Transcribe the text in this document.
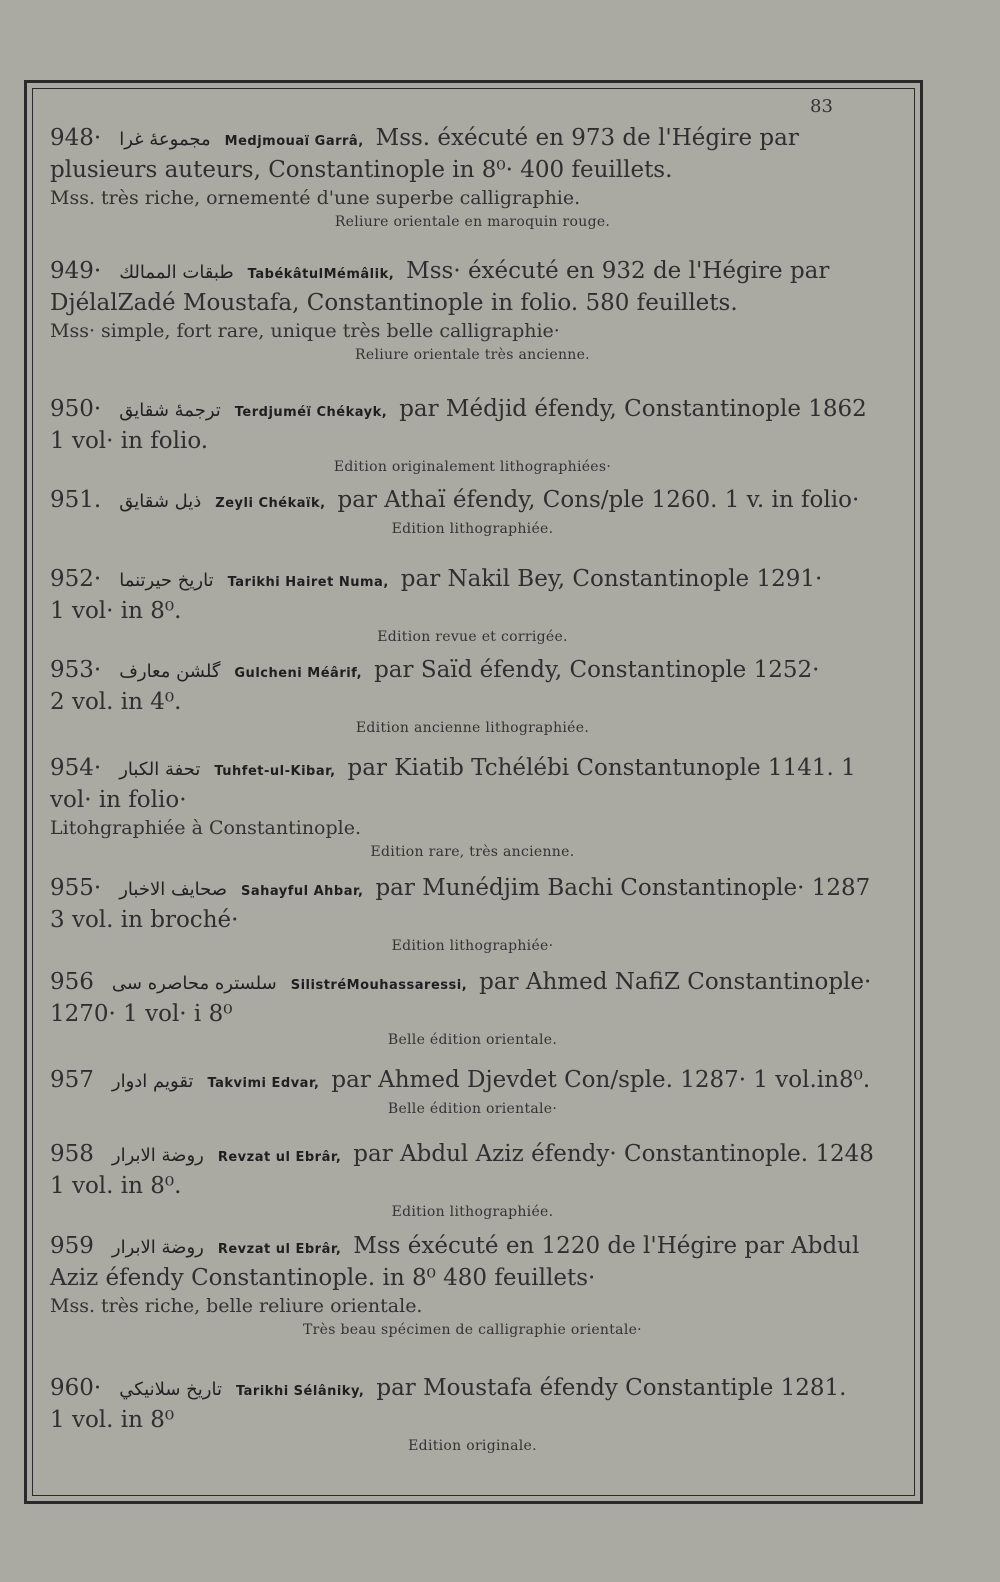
83
948· مجموعهٔ غرا Medjmouaï Garrâ, Mss. éxécuté en 973 de l'Hégire par
plusieurs auteurs, Constantinople in 8⁰· 400 feuillets.
Mss. très riche, ornementé d'une superbe calligraphie.
Reliure orientale en maroquin rouge.
949· طبقات الممالك TabékâtulMémâlik, Mss· éxécuté en 932 de l'Hégire par
DjélalZadé Moustafa, Constantinople in folio. 580 feuillets.
Mss· simple, fort rare, unique très belle calligraphie·
Reliure orientale très ancienne.
950· ترجمهٔ شقايق Terdjuméï Chékayk, par Médjid éfendy, Constantinople 1862
1 vol· in folio.
Edition originalement lithographiées·
951. ذيل شقايق Zeyli Chékaïk, par Athaï éfendy, Cons/ple 1260. 1 v. in folio·
Edition lithographiée.
952· تاريخ حيرتنما Tarikhi Hairet Numa, par Nakil Bey, Constantinople 1291·
1 vol· in 8⁰.
Edition revue et corrigée.
953· گلشن معارف Gulcheni Méârif, par Saïd éfendy, Constantinople 1252·
2 vol. in 4⁰.
Edition ancienne lithographiée.
954· تحفة الكبار Tuhfet-ul-Kibar, par Kiatib Tchélébi Constantunople 1141. 1
vol· in folio·
Litohgraphiée à Constantinople.
Edition rare, très ancienne.
955· صحايف الاخبار Sahayful Ahbar, par Munédjim Bachi Constantinople· 1287
3 vol. in broché·
Edition lithographiée·
956 سلستره محاصره سی SilistréMouhassaressi, par Ahmed NafiZ Constantinople·
1270· 1 vol· i 8⁰
Belle édition orientale.
957 تقويم ادوار Takvimi Edvar, par Ahmed Djevdet Con/sple. 1287· 1 vol.in8⁰.
Belle édition orientale·
958 روضة الابرار Revzat ul Ebrâr, par Abdul Aziz éfendy· Constantinople. 1248
1 vol. in 8⁰.
Edition lithographiée.
959 روضة الابرار Revzat ul Ebrâr, Mss éxécuté en 1220 de l'Hégire par Abdul
Aziz éfendy Constantinople. in 8⁰ 480 feuillets·
Mss. très riche, belle reliure orientale.
Très beau spécimen de calligraphie orientale·
960· تاريخ سلانيكي Tarikhi Sélâniky, par Moustafa éfendy Constantiple 1281.
1 vol. in 8⁰
Edition originale.
